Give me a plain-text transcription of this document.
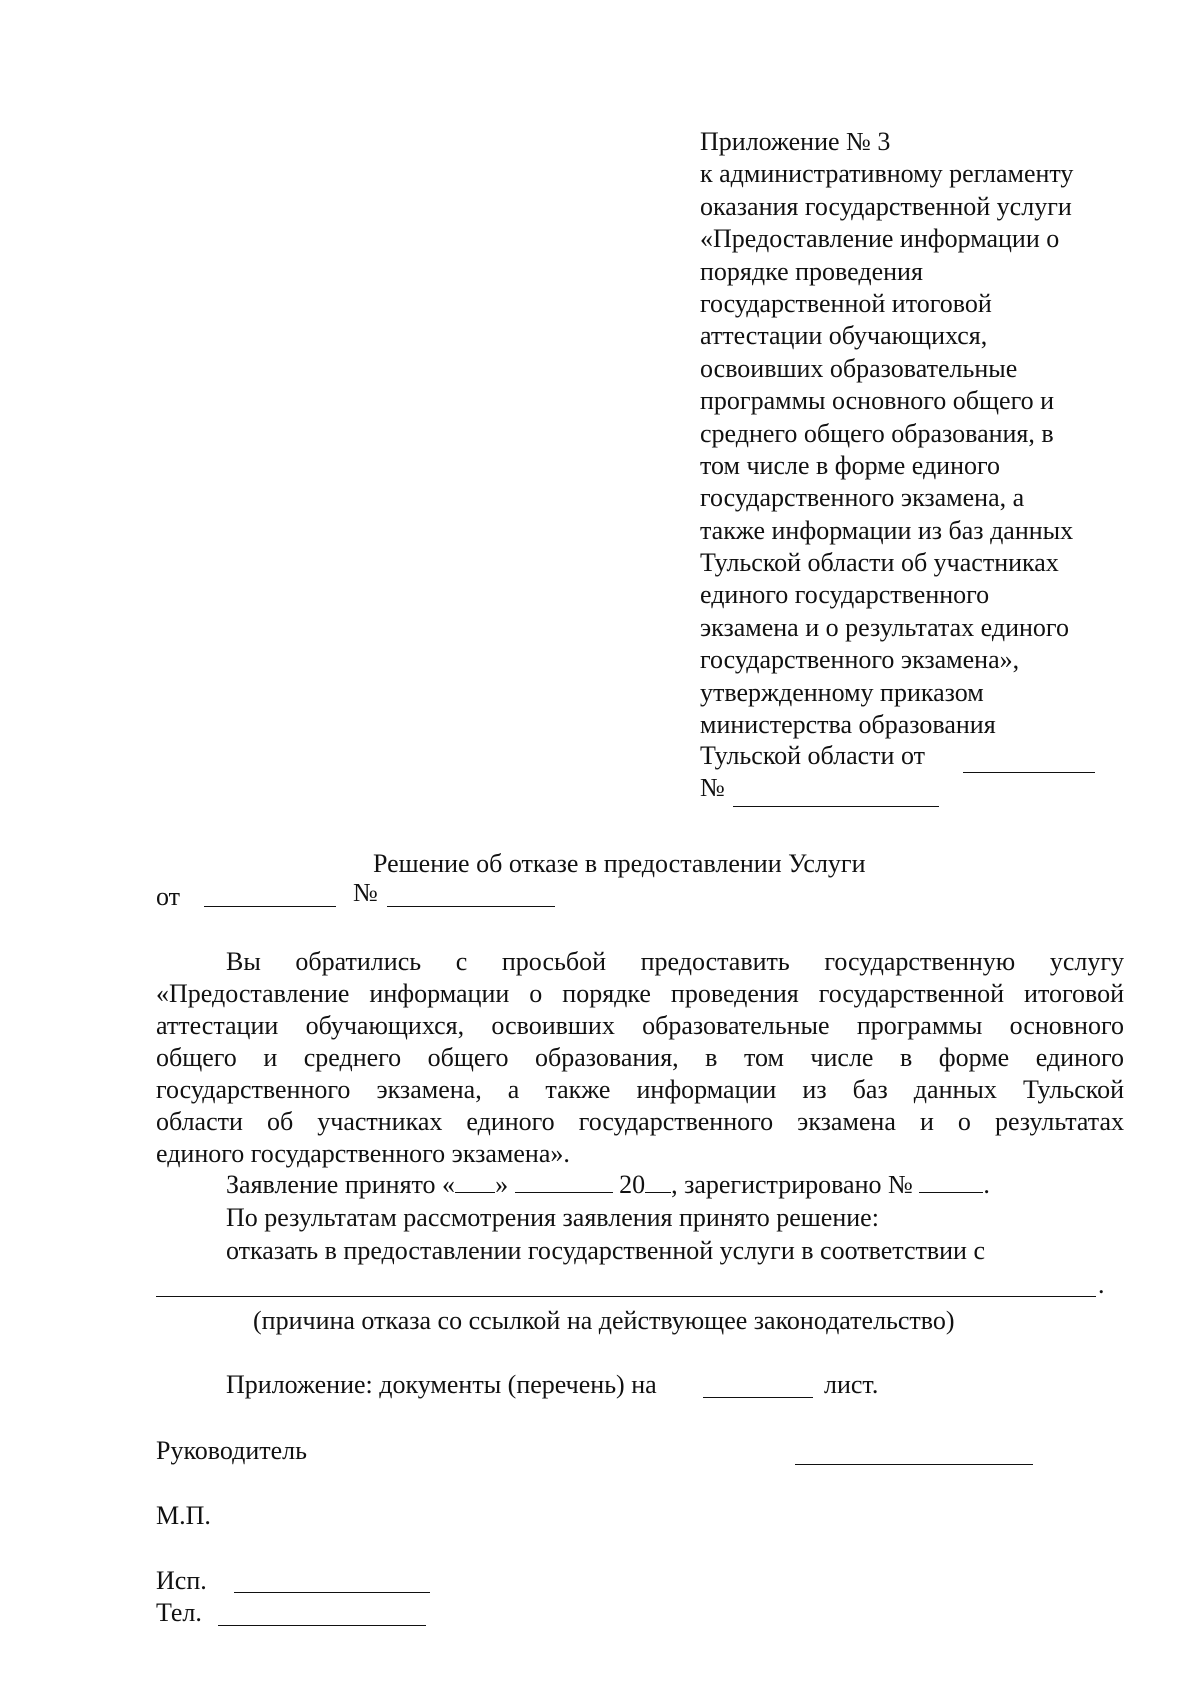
Приложение № 3
к административному регламенту
оказания государственной услуги
«Предоставление информации о
порядке проведения
государственной итоговой
аттестации обучающихся,
освоивших образовательные
программы основного общего и
среднего общего образования, в
том числе в форме единого
государственного экзамена, а
также информации из баз данных
Тульской области об участниках
единого государственного
экзамена и о результатах единого
государственного экзамена»,
утвержденному приказом
министерства образования
Тульской области от
№
Решение об отказе в предоставлении Услуги
от	№
Вы обратились с просьбой предоставить государственную услугу
«Предоставление информации о порядке проведения государственной итоговой
аттестации обучающихся, освоивших образовательные программы основного
общего и среднего общего образования, в том числе в форме единого
государственного экзамена, а также информации из баз данных Тульской
области об участниках единого государственного экзамена и о результатах
единого государственного экзамена».
Заявление принято « »	20 , зарегистрировано №	.
По результатам рассмотрения заявления принято решение:
отказать в предоставлении государственной услуги в соответствии с
.
(причина отказа со ссылкой на действующее законодательство)
Приложение: документы (перечень) на	лист.
Руководитель
М.П.
Исп.
Тел.
